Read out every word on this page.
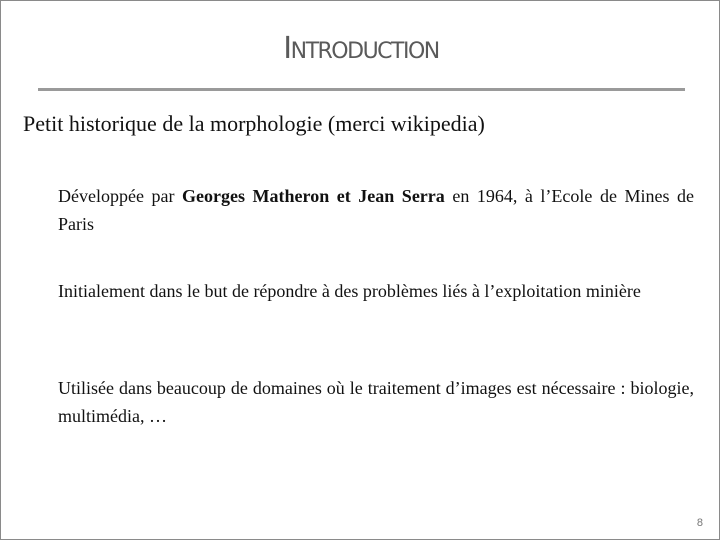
INTRODUCTION
Petit historique de la morphologie (merci wikipedia)
Développée par Georges Matheron et Jean Serra en 1964, à l’Ecole de Mines de Paris
Initialement dans le but de répondre à des problèmes liés à l’exploitation minière
Utilisée dans beaucoup de domaines où le traitement d’images est nécessaire : biologie, multimédia, …
8
